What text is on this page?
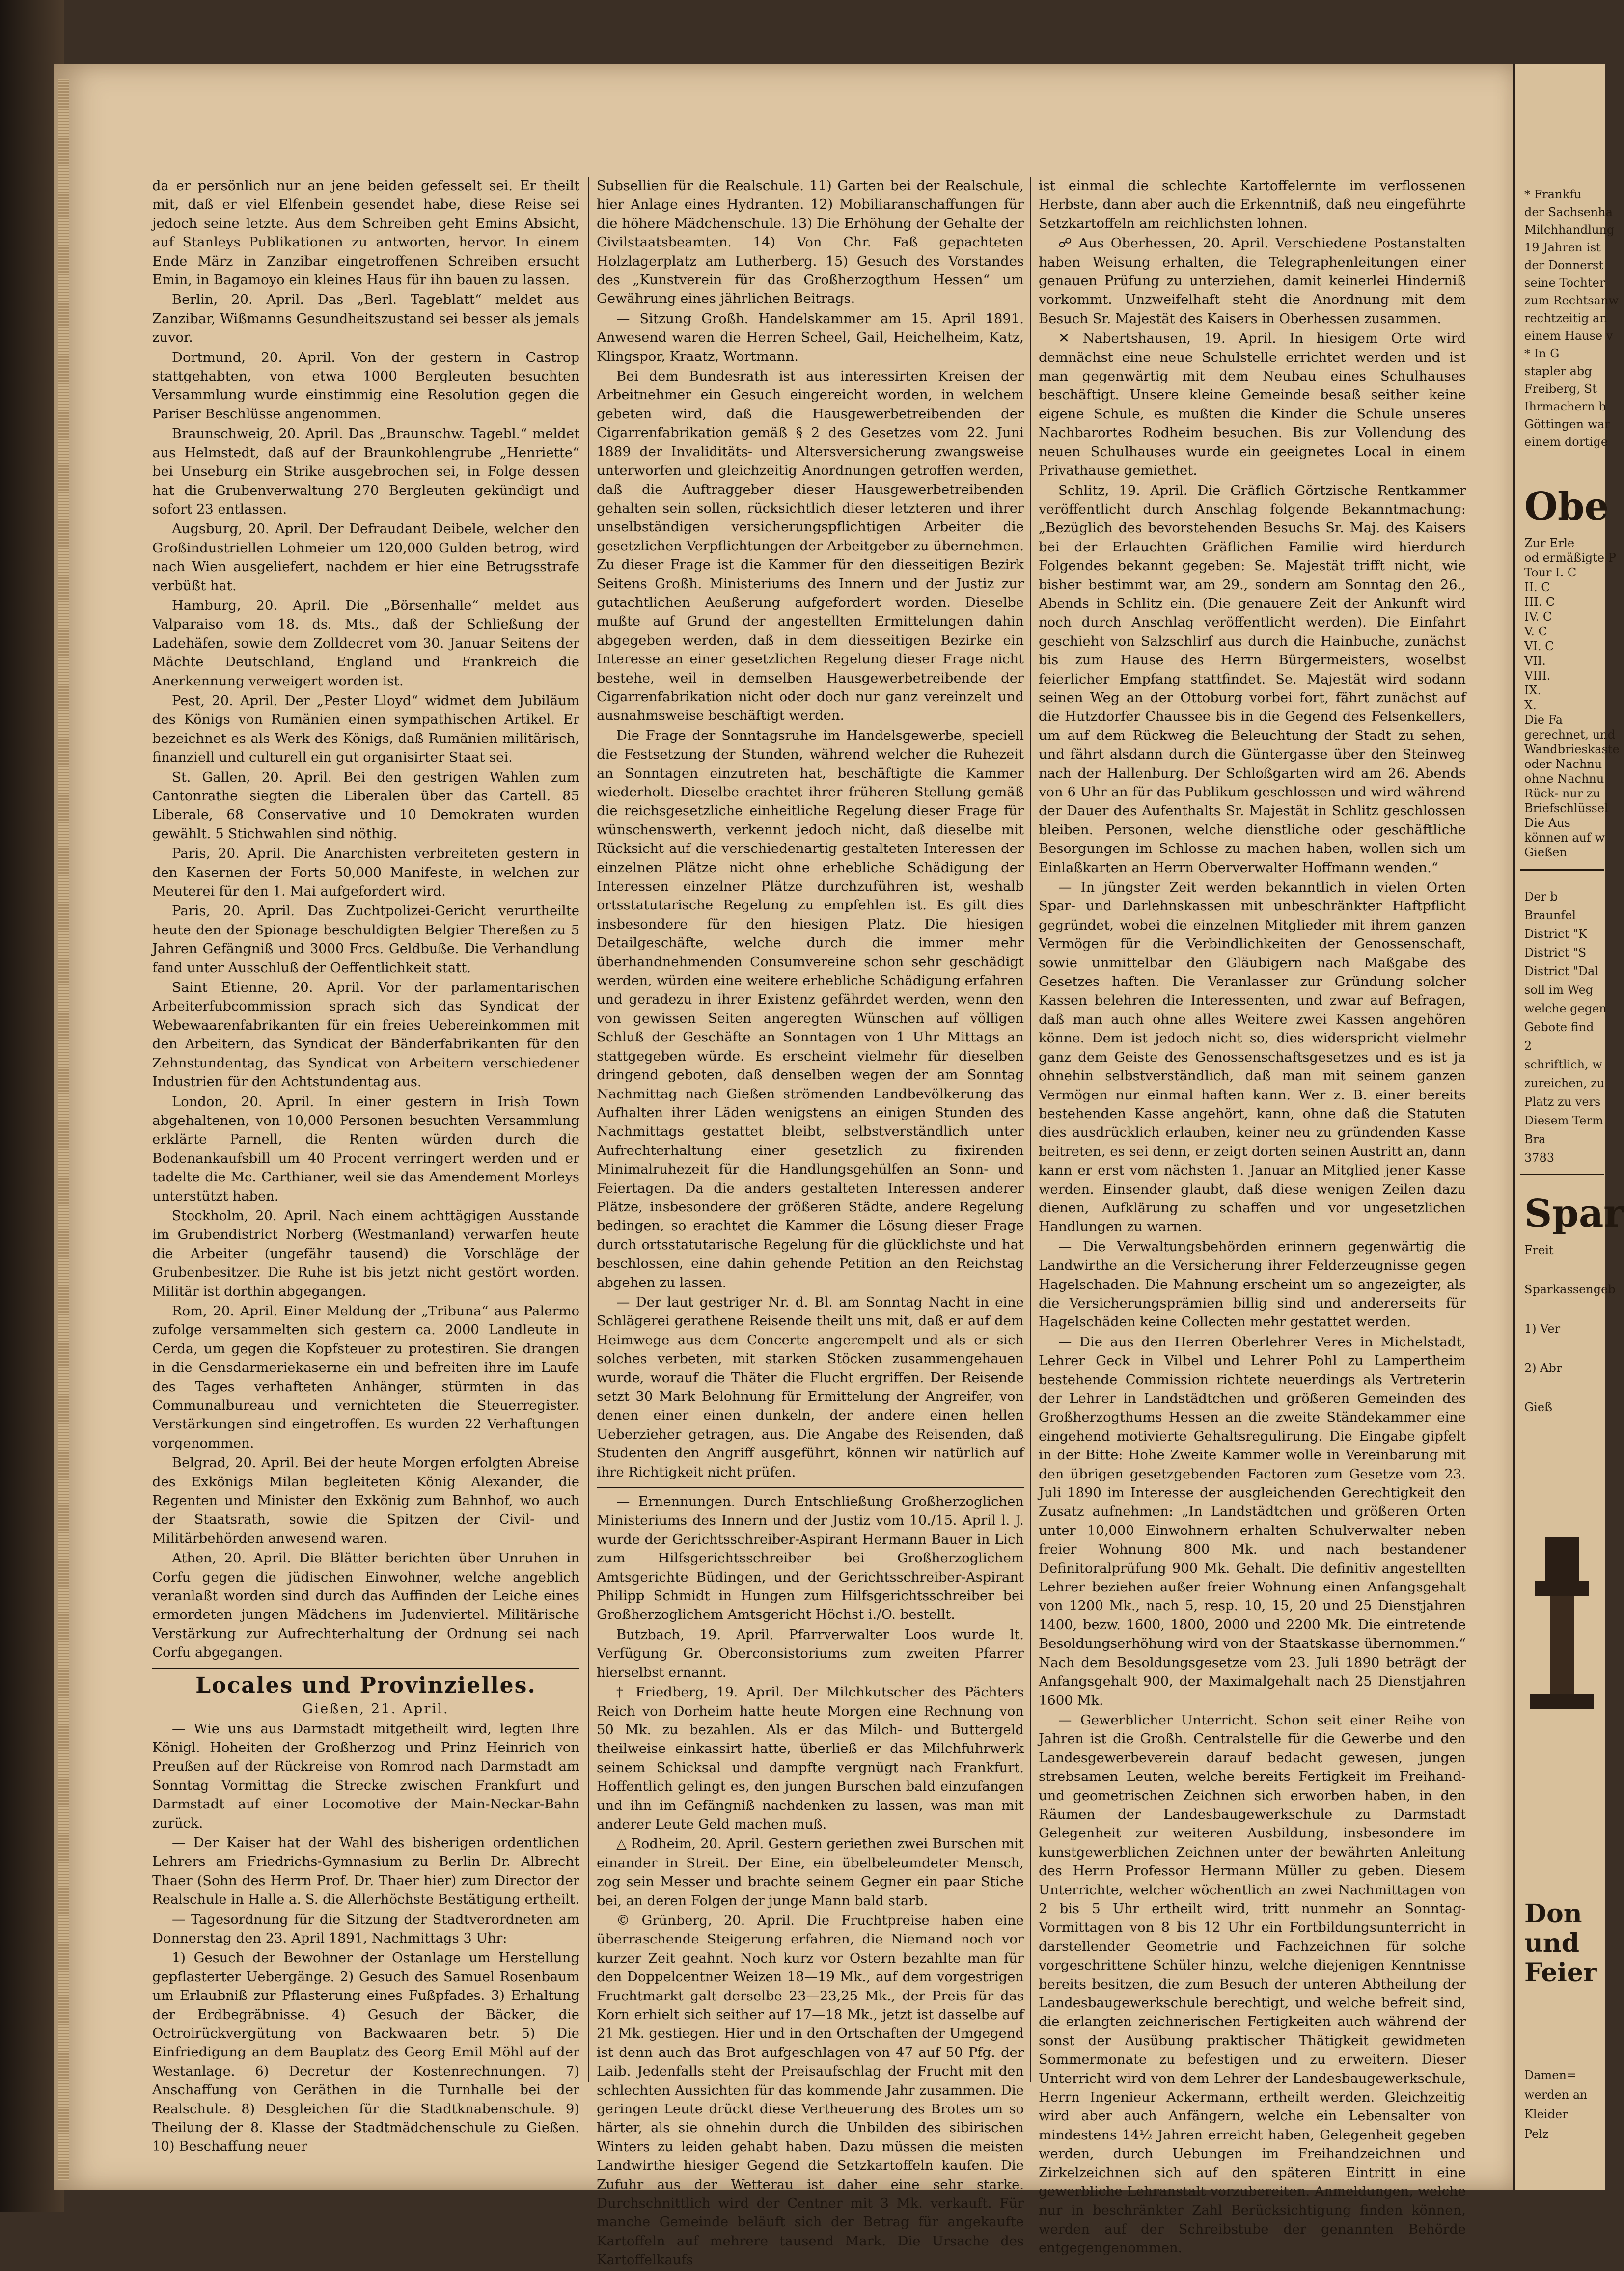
da er persönlich nur an jene beiden gefesselt sei. Er theilt mit, daß er viel Elfenbein gesendet habe, diese Reise sei jedoch seine letzte. Aus dem Schreiben geht Emins Absicht, auf Stanleys Publikationen zu antworten, hervor. In einem Ende März in Zanzibar eingetroffenen Schreiben ersucht Emin, in Bagamoyo ein kleines Haus für ihn bauen zu lassen.

Berlin, 20. April. Das „Berl. Tageblatt“ meldet aus Zanzibar, Wißmanns Gesundheitszustand sei besser als jemals zuvor.

Dortmund, 20. April. Von der gestern in Castrop stattgehabten, von etwa 1000 Bergleuten besuchten Versammlung wurde einstimmig eine Resolution gegen die Pariser Beschlüsse angenommen.

Braunschweig, 20. April. Das „Braunschw. Tagebl.“ meldet aus Helmstedt, daß auf der Braunkohlengrube „Henriette“ bei Unseburg ein Strike ausgebrochen sei, in Folge dessen hat die Grubenverwaltung 270 Bergleuten gekündigt und sofort 23 entlassen.

Augsburg, 20. April. Der Defraudant Deibele, welcher den Großindustriellen Lohmeier um 120,000 Gulden betrog, wird nach Wien ausgeliefert, nachdem er hier eine Betrugsstrafe verbüßt hat.

Hamburg, 20. April. Die „Börsenhalle“ meldet aus Valparaiso vom 18. ds. Mts., daß der Schließung der Ladehäfen, sowie dem Zolldecret vom 30. Januar Seitens der Mächte Deutschland, England und Frankreich die Anerkennung verweigert worden ist.

Pest, 20. April. Der „Pester Lloyd“ widmet dem Jubiläum des Königs von Rumänien einen sympathischen Artikel. Er bezeichnet es als Werk des Königs, daß Rumänien militärisch, finanziell und culturell ein gut organisirter Staat sei.

St. Gallen, 20. April. Bei den gestrigen Wahlen zum Cantonrathe siegten die Liberalen über das Cartell. 85 Liberale, 68 Conservative und 10 Demokraten wurden gewählt. 5 Stichwahlen sind nöthig.

Paris, 20. April. Die Anarchisten verbreiteten gestern in den Kasernen der Forts 50,000 Manifeste, in welchen zur Meuterei für den 1. Mai aufgefordert wird.

Paris, 20. April. Das Zuchtpolizei-Gericht verurtheilte heute den der Spionage beschuldigten Belgier Thereßen zu 5 Jahren Gefängniß und 3000 Frcs. Geldbuße. Die Verhandlung fand unter Ausschluß der Oeffentlichkeit statt.

Saint Etienne, 20. April. Vor der parlamentarischen Arbeiterfubcommission sprach sich das Syndicat der Webewaarenfabrikanten für ein freies Uebereinkommen mit den Arbeitern, das Syndicat der Bänderfabrikanten für den Zehnstundentag, das Syndicat von Arbeitern verschiedener Industrien für den Achtstundentag aus.

London, 20. April. In einer gestern in Irish Town abgehaltenen, von 10,000 Personen besuchten Versammlung erklärte Parnell, die Renten würden durch die Bodenankaufsbill um 40 Procent verringert werden und er tadelte die Mc. Carthianer, weil sie das Amendement Morleys unterstützt haben.

Stockholm, 20. April. Nach einem achttägigen Ausstande im Grubendistrict Norberg (Westmanland) verwarfen heute die Arbeiter (ungefähr tausend) die Vorschläge der Grubenbesitzer. Die Ruhe ist bis jetzt nicht gestört worden. Militär ist dorthin abgegangen.

Rom, 20. April. Einer Meldung der „Tribuna“ aus Palermo zufolge versammelten sich gestern ca. 2000 Landleute in Cerda, um gegen die Kopfsteuer zu protestiren. Sie drangen in die Gensdarmeriekaserne ein und befreiten ihre im Laufe des Tages verhafteten Anhänger, stürmten in das Communalbureau und vernichteten die Steuerregister. Verstärkungen sind eingetroffen. Es wurden 22 Verhaftungen vorgenommen.

Belgrad, 20. April. Bei der heute Morgen erfolgten Abreise des Exkönigs Milan begleiteten König Alexander, die Regenten und Minister den Exkönig zum Bahnhof, wo auch der Staatsrath, sowie die Spitzen der Civil- und Militärbehörden anwesend waren.

Athen, 20. April. Die Blätter berichten über Unruhen in Corfu gegen die jüdischen Einwohner, welche angeblich veranlaßt worden sind durch das Auffinden der Leiche eines ermordeten jungen Mädchens im Judenviertel. Militärische Verstärkung zur Aufrechterhaltung der Ordnung sei nach Corfu abgegangen.

Locales und Provinzielles.

Gießen, 21. April.

— Wie uns aus Darmstadt mitgetheilt wird, legten Ihre Königl. Hoheiten der Großherzog und Prinz Heinrich von Preußen auf der Rückreise von Romrod nach Darmstadt am Sonntag Vormittag die Strecke zwischen Frankfurt und Darmstadt auf einer Locomotive der Main-Neckar-Bahn zurück.

— Der Kaiser hat der Wahl des bisherigen ordentlichen Lehrers am Friedrichs-Gymnasium zu Berlin Dr. Albrecht Thaer (Sohn des Herrn Prof. Dr. Thaer hier) zum Director der Realschule in Halle a. S. die Allerhöchste Bestätigung ertheilt.

— Tagesordnung für die Sitzung der Stadtverordneten am Donnerstag den 23. April 1891, Nachmittags 3 Uhr:

1) Gesuch der Bewohner der Ostanlage um Herstellung gepflasterter Uebergänge. 2) Gesuch des Samuel Rosenbaum um Erlaubniß zur Pflasterung eines Fußpfades. 3) Erhaltung der Erdbegräbnisse. 4) Gesuch der Bäcker, die Octroirückvergütung von Backwaaren betr. 5) Die Einfriedigung an dem Bauplatz des Georg Emil Möhl auf der Westanlage. 6) Decretur der Kostenrechnungen. 7) Anschaffung von Geräthen in die Turnhalle bei der Realschule. 8) Desgleichen für die Stadtknabenschule. 9) Theilung der 8. Klasse der Stadtmädchenschule zu Gießen. 10) Beschaffung neuer

Subsellien für die Realschule. 11) Garten bei der Realschule, hier Anlage eines Hydranten. 12) Mobiliaranschaffungen für die höhere Mädchenschule. 13) Die Erhöhung der Gehalte der Civilstaatsbeamten. 14) Von Chr. Faß gepachteten Holzlagerplatz am Lutherberg. 15) Gesuch des Vorstandes des „Kunstverein für das Großherzogthum Hessen“ um Gewährung eines jährlichen Beitrags.

— Sitzung Großh. Handelskammer am 15. April 1891. Anwesend waren die Herren Scheel, Gail, Heichelheim, Katz, Klingspor, Kraatz, Wortmann.

Bei dem Bundesrath ist aus interessirten Kreisen der Arbeitnehmer ein Gesuch eingereicht worden, in welchem gebeten wird, daß die Hausgewerbetreibenden der Cigarrenfabrikation gemäß § 2 des Gesetzes vom 22. Juni 1889 der Invaliditäts- und Altersversicherung zwangsweise unterworfen und gleichzeitig Anordnungen getroffen werden, daß die Auftraggeber dieser Hausgewerbetreibenden gehalten sein sollen, rücksichtlich dieser letzteren und ihrer unselbständigen versicherungspflichtigen Arbeiter die gesetzlichen Verpflichtungen der Arbeitgeber zu übernehmen. Zu dieser Frage ist die Kammer für den diesseitigen Bezirk Seitens Großh. Ministeriums des Innern und der Justiz zur gutachtlichen Aeußerung aufgefordert worden. Dieselbe mußte auf Grund der angestellten Ermittelungen dahin abgegeben werden, daß in dem diesseitigen Bezirke ein Interesse an einer gesetzlichen Regelung dieser Frage nicht bestehe, weil in demselben Hausgewerbetreibende der Cigarrenfabrikation nicht oder doch nur ganz vereinzelt und ausnahmsweise beschäftigt werden.

Die Frage der Sonntagsruhe im Handelsgewerbe, speciell die Festsetzung der Stunden, während welcher die Ruhezeit an Sonntagen einzutreten hat, beschäftigte die Kammer wiederholt. Dieselbe erachtet ihrer früheren Stellung gemäß die reichsgesetzliche einheitliche Regelung dieser Frage für wünschenswerth, verkennt jedoch nicht, daß dieselbe mit Rücksicht auf die verschiedenartig gestalteten Interessen der einzelnen Plätze nicht ohne erhebliche Schädigung der Interessen einzelner Plätze durchzuführen ist, weshalb ortsstatutarische Regelung zu empfehlen ist. Es gilt dies insbesondere für den hiesigen Platz. Die hiesigen Detailgeschäfte, welche durch die immer mehr überhandnehmenden Consumvereine schon sehr geschädigt werden, würden eine weitere erhebliche Schädigung erfahren und geradezu in ihrer Existenz gefährdet werden, wenn den von gewissen Seiten angeregten Wünschen auf völligen Schluß der Geschäfte an Sonntagen von 1 Uhr Mittags an stattgegeben würde. Es erscheint vielmehr für dieselben dringend geboten, daß denselben wegen der am Sonntag Nachmittag nach Gießen strömenden Landbevölkerung das Aufhalten ihrer Läden wenigstens an einigen Stunden des Nachmittags gestattet bleibt, selbstverständlich unter Aufrechterhaltung einer gesetzlich zu fixirenden Minimalruhezeit für die Handlungsgehülfen an Sonn- und Feiertagen. Da die anders gestalteten Interessen anderer Plätze, insbesondere der größeren Städte, andere Regelung bedingen, so erachtet die Kammer die Lösung dieser Frage durch ortsstatutarische Regelung für die glücklichste und hat beschlossen, eine dahin gehende Petition an den Reichstag abgehen zu lassen.

— Der laut gestriger Nr. d. Bl. am Sonntag Nacht in eine Schlägerei gerathene Reisende theilt uns mit, daß er auf dem Heimwege aus dem Concerte angerempelt und als er sich solches verbeten, mit starken Stöcken zusammengehauen wurde, worauf die Thäter die Flucht ergriffen. Der Reisende setzt 30 Mark Belohnung für Ermittelung der Angreifer, von denen einer einen dunkeln, der andere einen hellen Ueberzieher getragen, aus. Die Angabe des Reisenden, daß Studenten den Angriff ausgeführt, können wir natürlich auf ihre Richtigkeit nicht prüfen.

— Ernennungen. Durch Entschließung Großherzoglichen Ministeriums des Innern und der Justiz vom 10./15. April l. J. wurde der Gerichtsschreiber-Aspirant Hermann Bauer in Lich zum Hilfsgerichtsschreiber bei Großherzoglichem Amtsgerichte Büdingen, und der Gerichtsschreiber-Aspirant Philipp Schmidt in Hungen zum Hilfsgerichtsschreiber bei Großherzoglichem Amtsgericht Höchst i./O. bestellt.

Butzbach, 19. April. Pfarrverwalter Loos wurde lt. Verfügung Gr. Oberconsistoriums zum zweiten Pfarrer hierselbst ernannt.

† Friedberg, 19. April. Der Milchkutscher des Pächters Reich von Dorheim hatte heute Morgen eine Rechnung von 50 Mk. zu bezahlen. Als er das Milch- und Buttergeld theilweise einkassirt hatte, überließ er das Milchfuhrwerk seinem Schicksal und dampfte vergnügt nach Frankfurt. Hoffentlich gelingt es, den jungen Burschen bald einzufangen und ihn im Gefängniß nachdenken zu lassen, was man mit anderer Leute Geld machen muß.

△ Rodheim, 20. April. Gestern geriethen zwei Burschen mit einander in Streit. Der Eine, ein übelbeleumdeter Mensch, zog sein Messer und brachte seinem Gegner ein paar Stiche bei, an deren Folgen der junge Mann bald starb.

© Grünberg, 20. April. Die Fruchtpreise haben eine überraschende Steigerung erfahren, die Niemand noch vor kurzer Zeit geahnt. Noch kurz vor Ostern bezahlte man für den Doppelcentner Weizen 18—19 Mk., auf dem vorgestrigen Fruchtmarkt galt derselbe 23—23,25 Mk., der Preis für das Korn erhielt sich seither auf 17—18 Mk., jetzt ist dasselbe auf 21 Mk. gestiegen. Hier und in den Ortschaften der Umgegend ist denn auch das Brot aufgeschlagen von 47 auf 50 Pfg. der Laib. Jedenfalls steht der Preisaufschlag der Frucht mit den schlechten Aussichten für das kommende Jahr zusammen. Die geringen Leute drückt diese Vertheuerung des Brotes um so härter, als sie ohnehin durch die Unbilden des sibirischen Winters zu leiden gehabt haben. Dazu müssen die meisten Landwirthe hiesiger Gegend die Setzkartoffeln kaufen. Die Zufuhr aus der Wetterau ist daher eine sehr starke. Durchschnittlich wird der Centner mit 3 Mk. verkauft. Für manche Gemeinde beläuft sich der Betrag für angekaufte Kartoffeln auf mehrere tausend Mark. Die Ursache des Kartoffelkaufs

ist einmal die schlechte Kartoffelernte im verflossenen Herbste, dann aber auch die Erkenntniß, daß neu eingeführte Setzkartoffeln am reichlichsten lohnen.

☍ Aus Oberhessen, 20. April. Verschiedene Postanstalten haben Weisung erhalten, die Telegraphenleitungen einer genauen Prüfung zu unterziehen, damit keinerlei Hinderniß vorkommt. Unzweifelhaft steht die Anordnung mit dem Besuch Sr. Majestät des Kaisers in Oberhessen zusammen.

✕ Nabertshausen, 19. April. In hiesigem Orte wird demnächst eine neue Schulstelle errichtet werden und ist man gegenwärtig mit dem Neubau eines Schulhauses beschäftigt. Unsere kleine Gemeinde besaß seither keine eigene Schule, es mußten die Kinder die Schule unseres Nachbarortes Rodheim besuchen. Bis zur Vollendung des neuen Schulhauses wurde ein geeignetes Local in einem Privathause gemiethet.

Schlitz, 19. April. Die Gräflich Görtzische Rentkammer veröffentlicht durch Anschlag folgende Bekanntmachung: „Bezüglich des bevorstehenden Besuchs Sr. Maj. des Kaisers bei der Erlauchten Gräflichen Familie wird hierdurch Folgendes bekannt gegeben: Se. Majestät trifft nicht, wie bisher bestimmt war, am 29., sondern am Sonntag den 26., Abends in Schlitz ein. (Die genauere Zeit der Ankunft wird noch durch Anschlag veröffentlicht werden). Die Einfahrt geschieht von Salzschlirf aus durch die Hainbuche, zunächst bis zum Hause des Herrn Bürgermeisters, woselbst feierlicher Empfang stattfindet. Se. Majestät wird sodann seinen Weg an der Ottoburg vorbei fort, fährt zunächst auf die Hutzdorfer Chaussee bis in die Gegend des Felsenkellers, um auf dem Rückweg die Beleuchtung der Stadt zu sehen, und fährt alsdann durch die Güntergasse über den Steinweg nach der Hallenburg. Der Schloßgarten wird am 26. Abends von 6 Uhr an für das Publikum geschlossen und wird während der Dauer des Aufenthalts Sr. Majestät in Schlitz geschlossen bleiben. Personen, welche dienstliche oder geschäftliche Besorgungen im Schlosse zu machen haben, wollen sich um Einlaßkarten an Herrn Oberverwalter Hoffmann wenden.“

— In jüngster Zeit werden bekanntlich in vielen Orten Spar- und Darlehnskassen mit unbeschränkter Haftpflicht gegründet, wobei die einzelnen Mitglieder mit ihrem ganzen Vermögen für die Verbindlichkeiten der Genossenschaft, sowie unmittelbar den Gläubigern nach Maßgabe des Gesetzes haften. Die Veranlasser zur Gründung solcher Kassen belehren die Interessenten, und zwar auf Befragen, daß man auch ohne alles Weitere zwei Kassen angehören könne. Dem ist jedoch nicht so, dies widerspricht vielmehr ganz dem Geiste des Genossenschaftsgesetzes und es ist ja ohnehin selbstverständlich, daß man mit seinem ganzen Vermögen nur einmal haften kann. Wer z. B. einer bereits bestehenden Kasse angehört, kann, ohne daß die Statuten dies ausdrücklich erlauben, keiner neu zu gründenden Kasse beitreten, es sei denn, er zeigt dorten seinen Austritt an, dann kann er erst vom nächsten 1. Januar an Mitglied jener Kasse werden. Einsender glaubt, daß diese wenigen Zeilen dazu dienen, Aufklärung zu schaffen und vor ungesetzlichen Handlungen zu warnen.

— Die Verwaltungsbehörden erinnern gegenwärtig die Landwirthe an die Versicherung ihrer Felderzeugnisse gegen Hagelschaden. Die Mahnung erscheint um so angezeigter, als die Versicherungsprämien billig sind und andererseits für Hagelschäden keine Collecten mehr gestattet werden.

— Die aus den Herren Oberlehrer Veres in Michelstadt, Lehrer Geck in Vilbel und Lehrer Pohl zu Lampertheim bestehende Commission richtete neuerdings als Vertreterin der Lehrer in Landstädtchen und größeren Gemeinden des Großherzogthums Hessen an die zweite Ständekammer eine eingehend motivierte Gehaltsregulirung. Die Eingabe gipfelt in der Bitte: Hohe Zweite Kammer wolle in Vereinbarung mit den übrigen gesetzgebenden Factoren zum Gesetze vom 23. Juli 1890 im Interesse der ausgleichenden Gerechtigkeit den Zusatz aufnehmen: „In Landstädtchen und größeren Orten unter 10,000 Einwohnern erhalten Schulverwalter neben freier Wohnung 800 Mk. und nach bestandener Definitoralprüfung 900 Mk. Gehalt. Die definitiv angestellten Lehrer beziehen außer freier Wohnung einen Anfangsgehalt von 1200 Mk., nach 5, resp. 10, 15, 20 und 25 Dienstjahren 1400, bezw. 1600, 1800, 2000 und 2200 Mk. Die eintretende Besoldungserhöhung wird von der Staatskasse übernommen.“ Nach dem Besoldungsgesetze vom 23. Juli 1890 beträgt der Anfangsgehalt 900, der Maximalgehalt nach 25 Dienstjahren 1600 Mk.

— Gewerblicher Unterricht. Schon seit einer Reihe von Jahren ist die Großh. Centralstelle für die Gewerbe und den Landesgewerbeverein darauf bedacht gewesen, jungen strebsamen Leuten, welche bereits Fertigkeit im Freihand- und geometrischen Zeichnen sich erworben haben, in den Räumen der Landesbaugewerkschule zu Darmstadt Gelegenheit zur weiteren Ausbildung, insbesondere im kunstgewerblichen Zeichnen unter der bewährten Anleitung des Herrn Professor Hermann Müller zu geben. Diesem Unterrichte, welcher wöchentlich an zwei Nachmittagen von 2 bis 5 Uhr ertheilt wird, tritt nunmehr an Sonntag-Vormittagen von 8 bis 12 Uhr ein Fortbildungsunterricht in darstellender Geometrie und Fachzeichnen für solche vorgeschrittene Schüler hinzu, welche diejenigen Kenntnisse bereits besitzen, die zum Besuch der unteren Abtheilung der Landesbaugewerkschule berechtigt, und welche befreit sind, die erlangten zeichnerischen Fertigkeiten auch während der sonst der Ausübung praktischer Thätigkeit gewidmeten Sommermonate zu befestigen und zu erweitern. Dieser Unterricht wird von dem Lehrer der Landesbaugewerkschule, Herrn Ingenieur Ackermann, ertheilt werden. Gleichzeitig wird aber auch Anfängern, welche ein Lebensalter von mindestens 14½ Jahren erreicht haben, Gelegenheit gegeben werden, durch Uebungen im Freihandzeichnen und Zirkelzeichnen sich auf den späteren Eintritt in eine gewerbliche Lehranstalt vorzubereiten. Anmeldungen, welche nur in beschränkter Zahl Berücksichtigung finden können, werden auf der Schreibstube der genannten Behörde entgegengenommen.

* Frankfu
der Sachsenha
Milchhandlung
19 Jahren ist
der Donnerst
seine Tochter
zum Rechtsanw
rechtzeitig an
einem Hause v
* In G
stapler abg
Freiberg, St
Ihrmachern b
Göttingen war
einem dortige
Obe
Zur Erle
od ermäßigte P
Tour I. C
II. C
III. C
IV. C
V. C
VI. C
VII.
VIII.
IX.
X.
Die Fa
gerechnet, und
Wandbrieskaste
oder Nachnu
ohne Nachnu
Rück- nur zu
Briefschlüssel
Die Aus
können auf w
Gießen
Der b
Braunfel
District "K
District "S
District "Dal
soll im Weg
welche gegen
Gebote find
2
schriftlich, w
zureichen, zu
Platz zu vers
Diesem Term
Bra
3783
Spar
Freit
Sparkassengeb
1) Ver
2) Abr
Gieß
Don
und
Feier
Damen=
werden an
Kleider
Pelz
